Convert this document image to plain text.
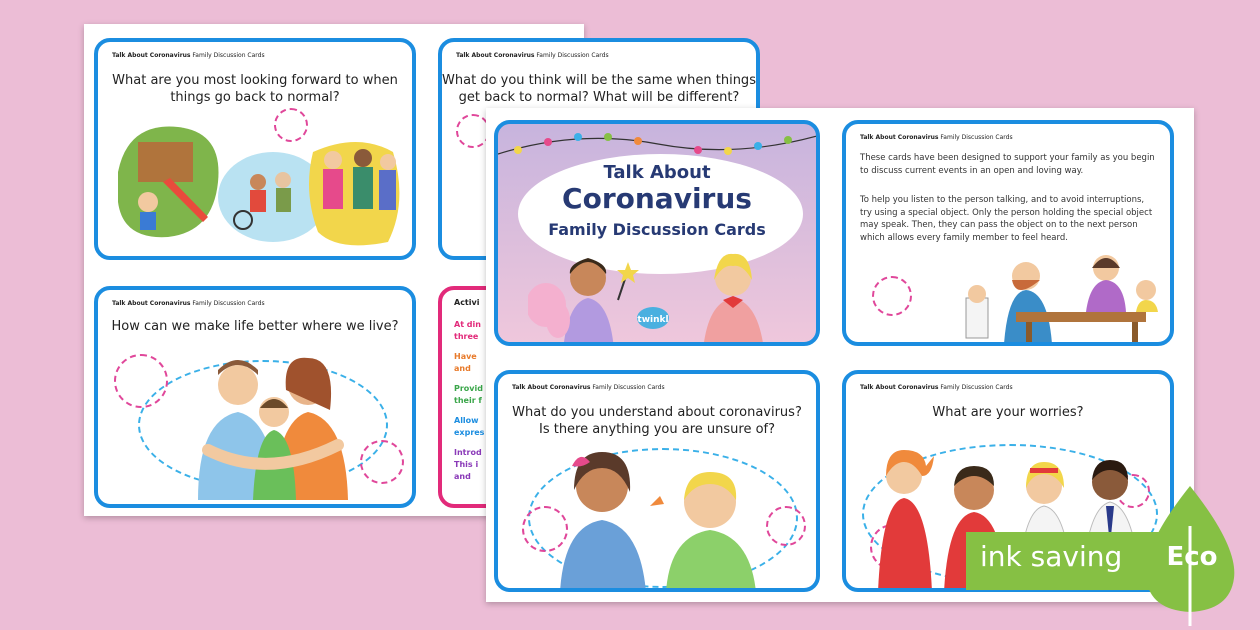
Talk About Coronavirus Family Discussion Cards
What are you most looking forward to when
things go back to normal?
Talk About Coronavirus Family Discussion Cards
What do you think will be the same when things
get back to normal? What will be different?
Talk About Coronavirus Family Discussion Cards
How can we make life better where we live?
Activi
At din
three
Have
and
Provid
their f
Allow
expres
Introd
This i
and
Talk About
Coronavirus
Family Discussion Cards
twinkl
Talk About Coronavirus Family Discussion Cards
These cards have been designed to support your family as you begin to discuss current events in an open and loving way.
To help you listen to the person talking, and to avoid interruptions, try using a special object. Only the person holding the special object may speak. Then, they can pass the object on to the next person which allows every family member to feel heard.
Talk About Coronavirus Family Discussion Cards
What do you understand about coronavirus?
Is there anything you are unsure of?
Talk About Coronavirus Family Discussion Cards
What are your worries?
ink saving	Eco
